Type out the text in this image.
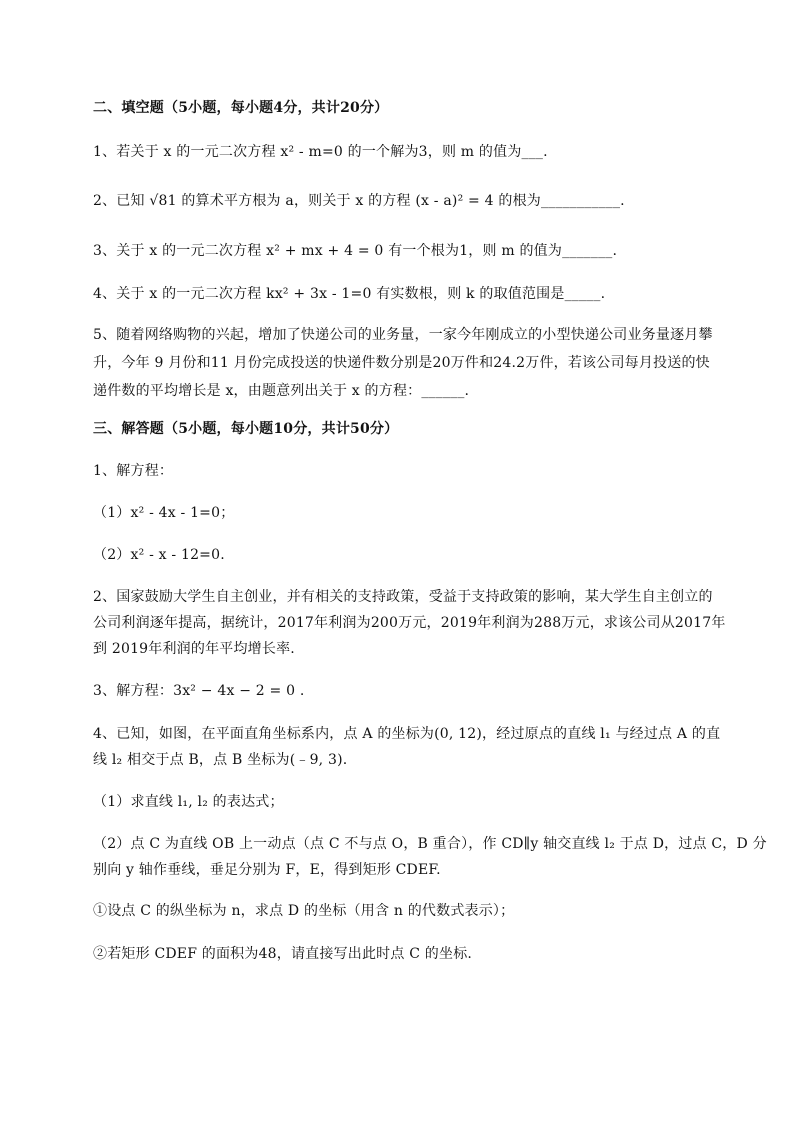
二、填空题（5小题，每小题4分，共计20分）
1、若关于 x 的一元二次方程 x² - m=0 的一个解为3，则 m 的值为___.
2、已知 √81 的算术平方根为 a，则关于 x 的方程 (x - a)² = 4 的根为___________.
3、关于 x 的一元二次方程 x² + mx + 4 = 0 有一个根为1，则 m 的值为_______.
4、关于 x 的一元二次方程 kx² + 3x - 1=0 有实数根，则 k 的取值范围是_____.
5、随着网络购物的兴起，增加了快递公司的业务量，一家今年刚成立的小型快递公司业务量逐月攀
升，今年 9 月份和11 月份完成投送的快递件数分别是20万件和24.2万件，若该公司每月投送的快
递件数的平均增长是 x，由题意列出关于 x 的方程：______.
三、解答题（5小题，每小题10分，共计50分）
1、解方程：
（1）x² - 4x - 1=0；
（2）x² - x - 12=0.
2、国家鼓励大学生自主创业，并有相关的支持政策，受益于支持政策的影响，某大学生自主创立的
公司利润逐年提高，据统计，2017年利润为200万元，2019年利润为288万元，求该公司从2017年
到 2019年利润的年平均增长率.
3、解方程：3x² − 4x − 2 = 0 .
4、已知，如图，在平面直角坐标系内，点 A 的坐标为(0, 12)，经过原点的直线 l₁ 与经过点 A 的直
线 l₂ 相交于点 B，点 B 坐标为(﹣9, 3).
（1）求直线 l₁, l₂ 的表达式；
（2）点 C 为直线 OB 上一动点（点 C 不与点 O，B 重合），作 CD∥y 轴交直线 l₂ 于点 D，过点 C，D 分
别向 y 轴作垂线，垂足分别为 F，E，得到矩形 CDEF.
①设点 C 的纵坐标为 n，求点 D 的坐标（用含 n 的代数式表示）；
②若矩形 CDEF 的面积为48，请直接写出此时点 C 的坐标.
